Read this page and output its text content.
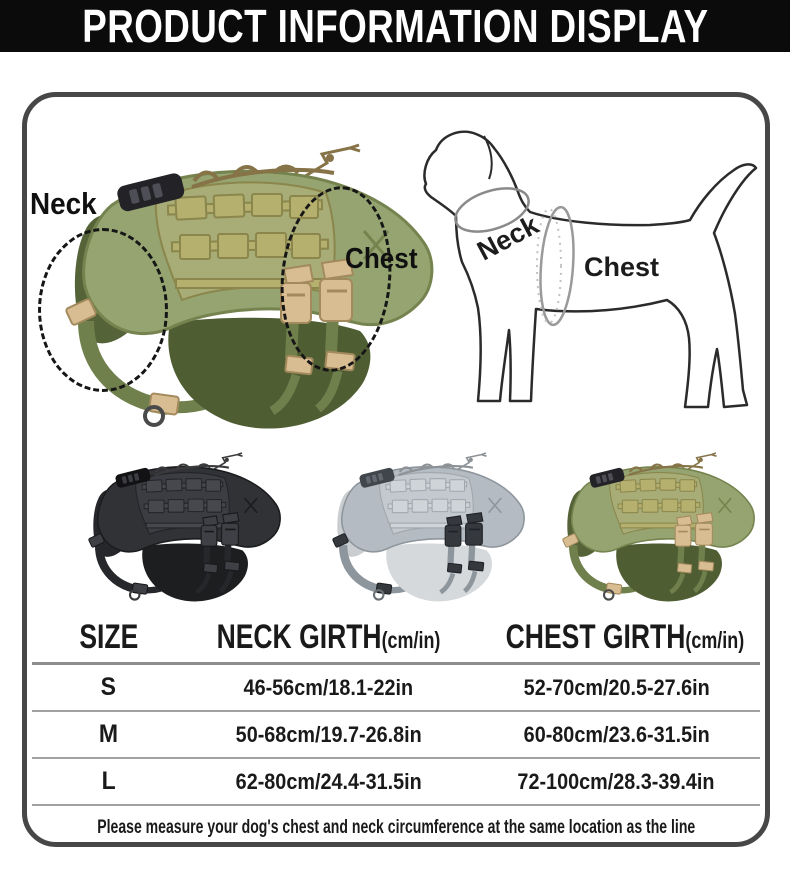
PRODUCT INFORMATION DISPLAY
Neck
Chest Neck
Chest
SIZE	NECK GIRTH(cm/in)	CHEST GIRTH(cm/in)
S	46-56cm/18.1-22in	52-70cm/20.5-27.6in
M	50-68cm/19.7-26.8in	60-80cm/23.6-31.5in
L	62-80cm/24.4-31.5in	72-100cm/28.3-39.4in
Please measure your dog's chest and neck circumference at the same location as the line
